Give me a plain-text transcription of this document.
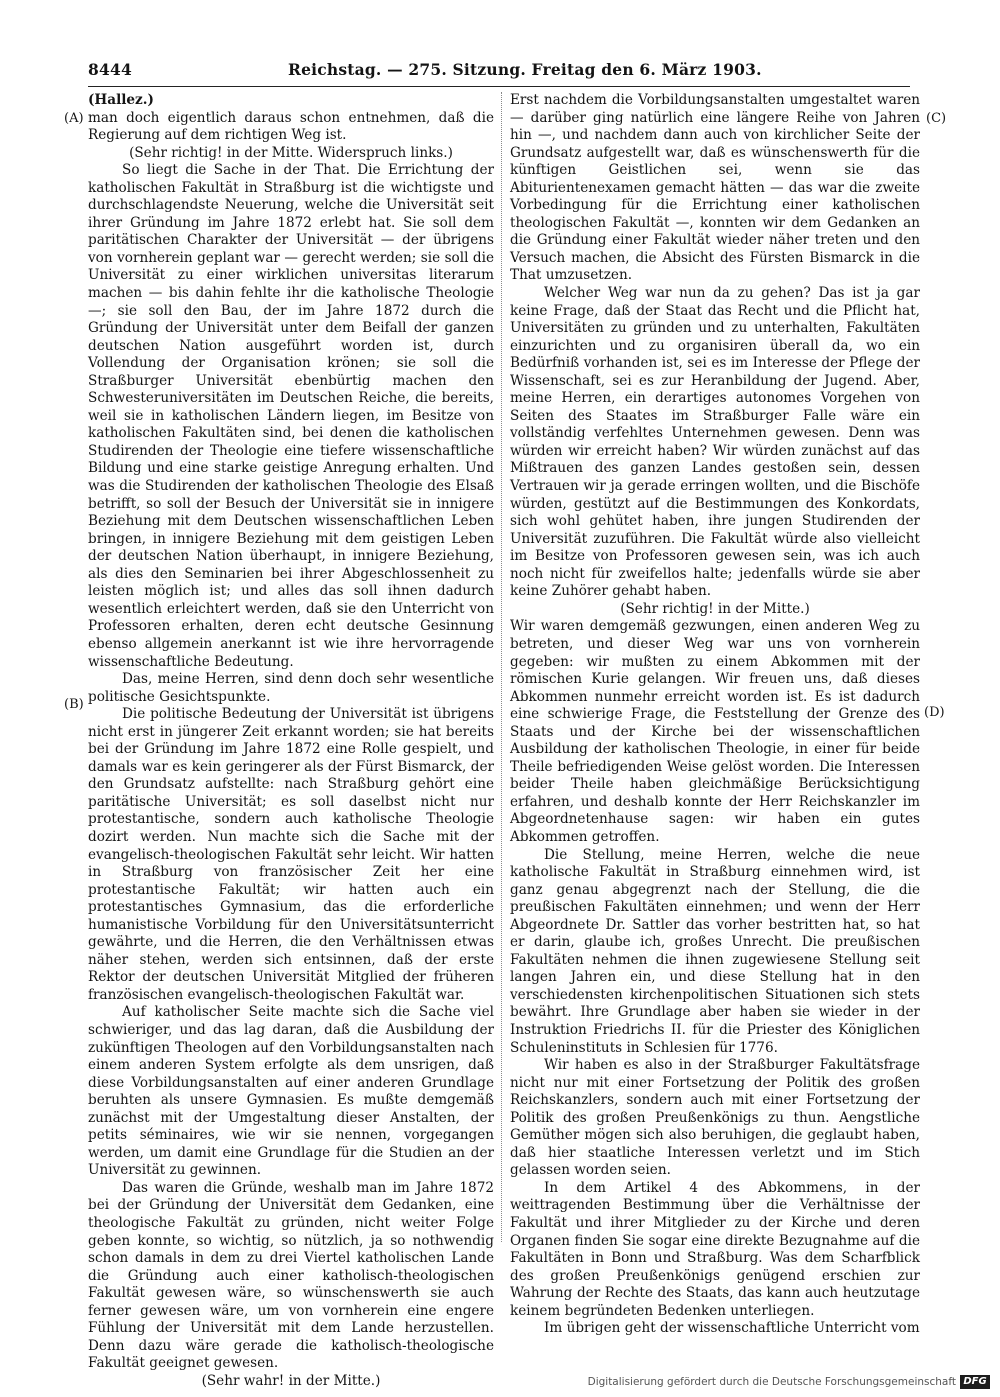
8444	Reichstag. — 275. Sitzung. Freitag den 6. März 1903.
(A)
(B)
(C)
(D)

(Hallez.)

man doch eigentlich daraus schon entnehmen, daß die Regierung auf dem richtigen Weg ist.

(Sehr richtig! in der Mitte. Widerspruch links.)

So liegt die Sache in der That. Die Errichtung der katholischen Fakultät in Straßburg ist die wichtigste und durchschlagendste Neuerung, welche die Universität seit ihrer Gründung im Jahre 1872 erlebt hat. Sie soll dem paritätischen Charakter der Universität — der übrigens von vornherein geplant war — gerecht werden; sie soll die Universität zu einer wirklichen universitas literarum machen — bis dahin fehlte ihr die katholische Theologie —; sie soll den Bau, der im Jahre 1872 durch die Gründung der Universität unter dem Beifall der ganzen deutschen Nation ausgeführt worden ist, durch Vollendung der Organisation krönen; sie soll die Straßburger Universität ebenbürtig machen den Schwesteruniversitäten im Deutschen Reiche, die bereits, weil sie in katholischen Ländern liegen, im Besitze von katholischen Fakultäten sind, bei denen die katholischen Studirenden der Theologie eine tiefere wissenschaftliche Bildung und eine starke geistige Anregung erhalten. Und was die Studirenden der katholischen Theologie des Elsaß betrifft, so soll der Besuch der Universität sie in innigere Beziehung mit dem Deutschen wissenschaftlichen Leben bringen, in innigere Beziehung mit dem geistigen Leben der deutschen Nation überhaupt, in innigere Beziehung, als dies den Seminarien bei ihrer Abgeschlossenheit zu leisten möglich ist; und alles das soll ihnen dadurch wesentlich erleichtert werden, daß sie den Unterricht von Professoren erhalten, deren echt deutsche Gesinnung ebenso allgemein anerkannt ist wie ihre hervorragende wissenschaftliche Bedeutung.

Das, meine Herren, sind denn doch sehr wesentliche politische Gesichtspunkte.

Die politische Bedeutung der Universität ist übrigens nicht erst in jüngerer Zeit erkannt worden; sie hat bereits bei der Gründung im Jahre 1872 eine Rolle gespielt, und damals war es kein geringerer als der Fürst Bismarck, der den Grundsatz aufstellte: nach Straßburg gehört eine paritätische Universität; es soll daselbst nicht nur protestantische, sondern auch katholische Theologie dozirt werden. Nun machte sich die Sache mit der evangelisch-theologischen Fakultät sehr leicht. Wir hatten in Straßburg von französischer Zeit her eine protestantische Fakultät; wir hatten auch ein protestantisches Gymnasium, das die erforderliche humanistische Vorbildung für den Universitätsunterricht gewährte, und die Herren, die den Verhältnissen etwas näher stehen, werden sich entsinnen, daß der erste Rektor der deutschen Universität Mitglied der früheren französischen evangelisch-theologischen Fakultät war.

Auf katholischer Seite machte sich die Sache viel schwieriger, und das lag daran, daß die Ausbildung der zukünftigen Theologen auf den Vorbildungsanstalten nach einem anderen System erfolgte als dem unsrigen, daß diese Vorbildungsanstalten auf einer anderen Grundlage beruhten als unsere Gymnasien. Es mußte demgemäß zunächst mit der Umgestaltung dieser Anstalten, der petits séminaires, wie wir sie nennen, vorgegangen werden, um damit eine Grundlage für die Studien an der Universität zu gewinnen.

Das waren die Gründe, weshalb man im Jahre 1872 bei der Gründung der Universität dem Gedanken, eine theologische Fakultät zu gründen, nicht weiter Folge geben konnte, so wichtig, so nützlich, ja so nothwendig schon damals in dem zu drei Viertel katholischen Lande die Gründung auch einer katholisch-theologischen Fakultät gewesen wäre, so wünschenswerth sie auch ferner gewesen wäre, um von vornherein eine engere Fühlung der Universität mit dem Lande herzustellen. Denn dazu wäre gerade die katholisch-theologische Fakultät geeignet gewesen.

(Sehr wahr! in der Mitte.)

Erst nachdem die Vorbildungsanstalten umgestaltet waren — darüber ging natürlich eine längere Reihe von Jahren hin —, und nachdem dann auch von kirchlicher Seite der Grundsatz aufgestellt war, daß es wünschenswerth für die künftigen Geistlichen sei, wenn sie das Abiturientenexamen gemacht hätten — das war die zweite Vorbedingung für die Errichtung einer katholischen theologischen Fakultät —, konnten wir dem Gedanken an die Gründung einer Fakultät wieder näher treten und den Versuch machen, die Absicht des Fürsten Bismarck in die That umzusetzen.

Welcher Weg war nun da zu gehen? Das ist ja gar keine Frage, daß der Staat das Recht und die Pflicht hat, Universitäten zu gründen und zu unterhalten, Fakultäten einzurichten und zu organisiren überall da, wo ein Bedürfniß vorhanden ist, sei es im Interesse der Pflege der Wissenschaft, sei es zur Heranbildung der Jugend. Aber, meine Herren, ein derartiges autonomes Vorgehen von Seiten des Staates im Straßburger Falle wäre ein vollständig verfehltes Unternehmen gewesen. Denn was würden wir erreicht haben? Wir würden zunächst auf das Mißtrauen des ganzen Landes gestoßen sein, dessen Vertrauen wir ja gerade erringen wollten, und die Bischöfe würden, gestützt auf die Bestimmungen des Konkordats, sich wohl gehütet haben, ihre jungen Studirenden der Universität zuzuführen. Die Fakultät würde also vielleicht im Besitze von Professoren gewesen sein, was ich auch noch nicht für zweifellos halte; jedenfalls würde sie aber keine Zuhörer gehabt haben.

(Sehr richtig! in der Mitte.)

Wir waren demgemäß gezwungen, einen anderen Weg zu betreten, und dieser Weg war uns von vornherein gegeben: wir mußten zu einem Abkommen mit der römischen Kurie gelangen. Wir freuen uns, daß dieses Abkommen nunmehr erreicht worden ist. Es ist dadurch eine schwierige Frage, die Feststellung der Grenze des Staats und der Kirche bei der wissenschaftlichen Ausbildung der katholischen Theologie, in einer für beide Theile befriedigenden Weise gelöst worden. Die Interessen beider Theile haben gleichmäßige Berücksichtigung erfahren, und deshalb konnte der Herr Reichskanzler im Abgeordnetenhause sagen: wir haben ein gutes Abkommen getroffen.

Die Stellung, meine Herren, welche die neue katholische Fakultät in Straßburg einnehmen wird, ist ganz genau abgegrenzt nach der Stellung, die die preußischen Fakultäten einnehmen; und wenn der Herr Abgeordnete Dr. Sattler das vorher bestritten hat, so hat er darin, glaube ich, großes Unrecht. Die preußischen Fakultäten nehmen die ihnen zugewiesene Stellung seit langen Jahren ein, und diese Stellung hat in den verschiedensten kirchenpolitischen Situationen sich stets bewährt. Ihre Grundlage aber haben sie wieder in der Instruktion Friedrichs II. für die Priester des Königlichen Schuleninstituts in Schlesien für 1776.

Wir haben es also in der Straßburger Fakultätsfrage nicht nur mit einer Fortsetzung der Politik des großen Reichskanzlers, sondern auch mit einer Fortsetzung der Politik des großen Preußenkönigs zu thun. Aengstliche Gemüther mögen sich also beruhigen, die geglaubt haben, daß hier staatliche Interessen verletzt und im Stich gelassen worden seien.

In dem Artikel 4 des Abkommens, in der weittragenden Bestimmung über die Verhältnisse der Fakultät und ihrer Mitglieder zu der Kirche und deren Organen finden Sie sogar eine direkte Bezugnahme auf die Fakultäten in Bonn und Straßburg. Was dem Scharfblick des großen Preußenkönigs genügend erschien zur Wahrung der Rechte des Staats, das kann auch heutzutage keinem begründeten Bedenken unterliegen.

Im übrigen geht der wissenschaftliche Unterricht vom

Digitalisierung gefördert durch die Deutsche Forschungsgemeinschaft DFG
